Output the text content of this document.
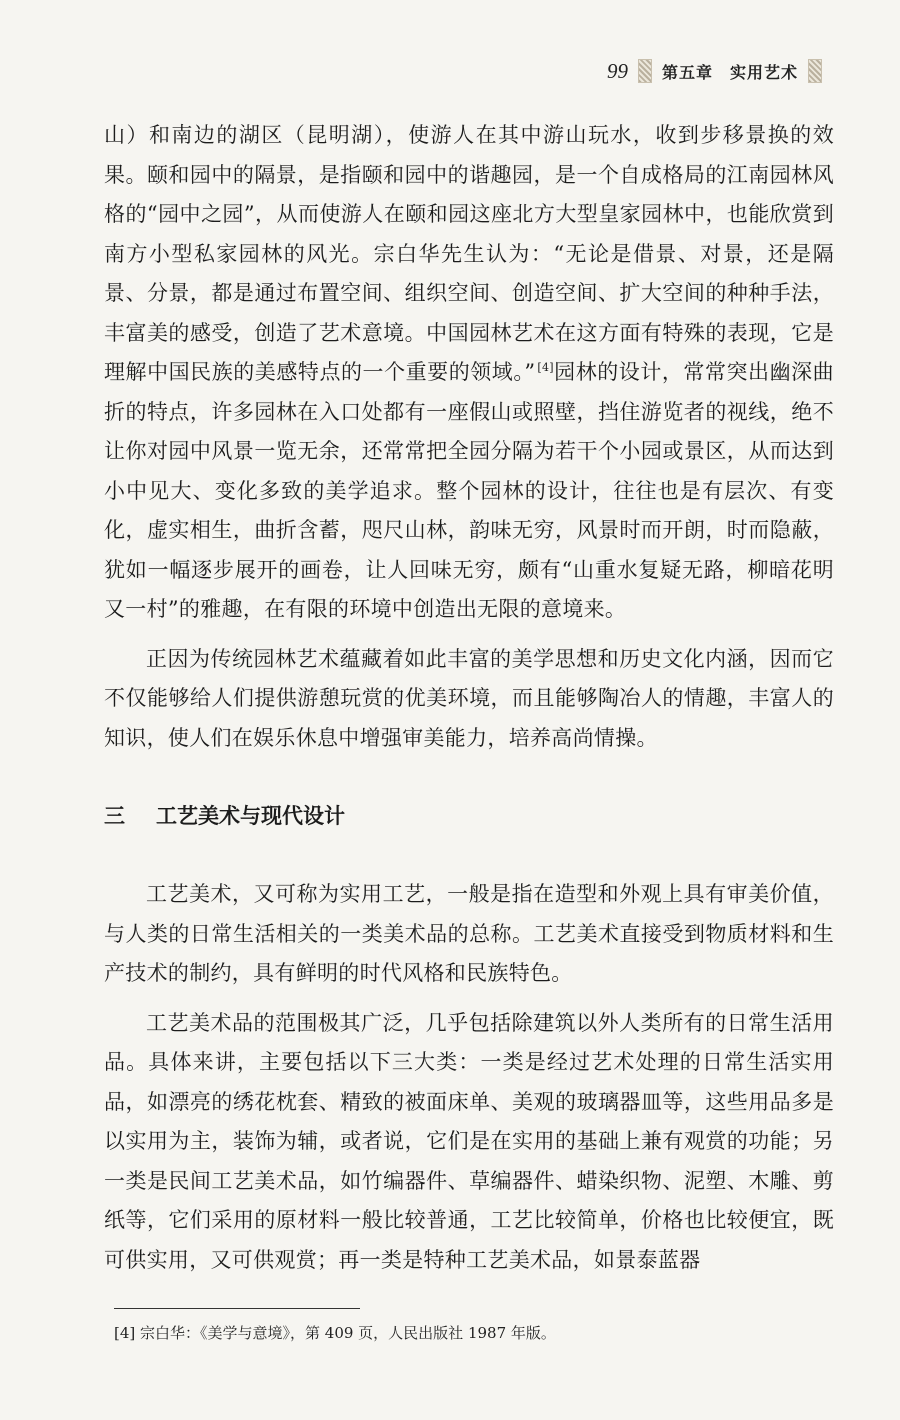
99 第五章　实用艺术

山）和南边的湖区（昆明湖），使游人在其中游山玩水，收到步移景换的效果。颐和园中的隔景，是指颐和园中的谐趣园，是一个自成格局的江南园林风格的“园中之园”，从而使游人在颐和园这座北方大型皇家园林中，也能欣赏到南方小型私家园林的风光。宗白华先生认为：“无论是借景、对景，还是隔景、分景，都是通过布置空间、组织空间、创造空间、扩大空间的种种手法，丰富美的感受，创造了艺术意境。中国园林艺术在这方面有特殊的表现，它是理解中国民族的美感特点的一个重要的领域。” [4]园林的设计，常常突出幽深曲折的特点，许多园林在入口处都有一座假山或照壁，挡住游览者的视线，绝不让你对园中风景一览无余，还常常把全园分隔为若干个小园或景区，从而达到小中见大、变化多致的美学追求。整个园林的设计，往往也是有层次、有变化，虚实相生，曲折含蓄，咫尺山林，韵味无穷，风景时而开朗，时而隐蔽，犹如一幅逐步展开的画卷，让人回味无穷，颇有“山重水复疑无路，柳暗花明又一村”的雅趣，在有限的环境中创造出无限的意境来。

正因为传统园林艺术蕴藏着如此丰富的美学思想和历史文化内涵，因而它不仅能够给人们提供游憩玩赏的优美环境，而且能够陶冶人的情趣，丰富人的知识，使人们在娱乐休息中增强审美能力，培养高尚情操。

三	工艺美术与现代设计

工艺美术，又可称为实用工艺，一般是指在造型和外观上具有审美价值，与人类的日常生活相关的一类美术品的总称。工艺美术直接受到物质材料和生产技术的制约，具有鲜明的时代风格和民族特色。

工艺美术品的范围极其广泛，几乎包括除建筑以外人类所有的日常生活用品。具体来讲，主要包括以下三大类：一类是经过艺术处理的日常生活实用品，如漂亮的绣花枕套、精致的被面床单、美观的玻璃器皿等，这些用品多是以实用为主，装饰为辅，或者说，它们是在实用的基础上兼有观赏的功能；另一类是民间工艺美术品，如竹编器件、草编器件、蜡染织物、泥塑、木雕、剪纸等，它们采用的原材料一般比较普通，工艺比较简单，价格也比较便宜，既可供实用，又可供观赏；再一类是特种工艺美术品，如景泰蓝器

[4] 宗白华：《美学与意境》，第 409 页，人民出版社 1987 年版。
